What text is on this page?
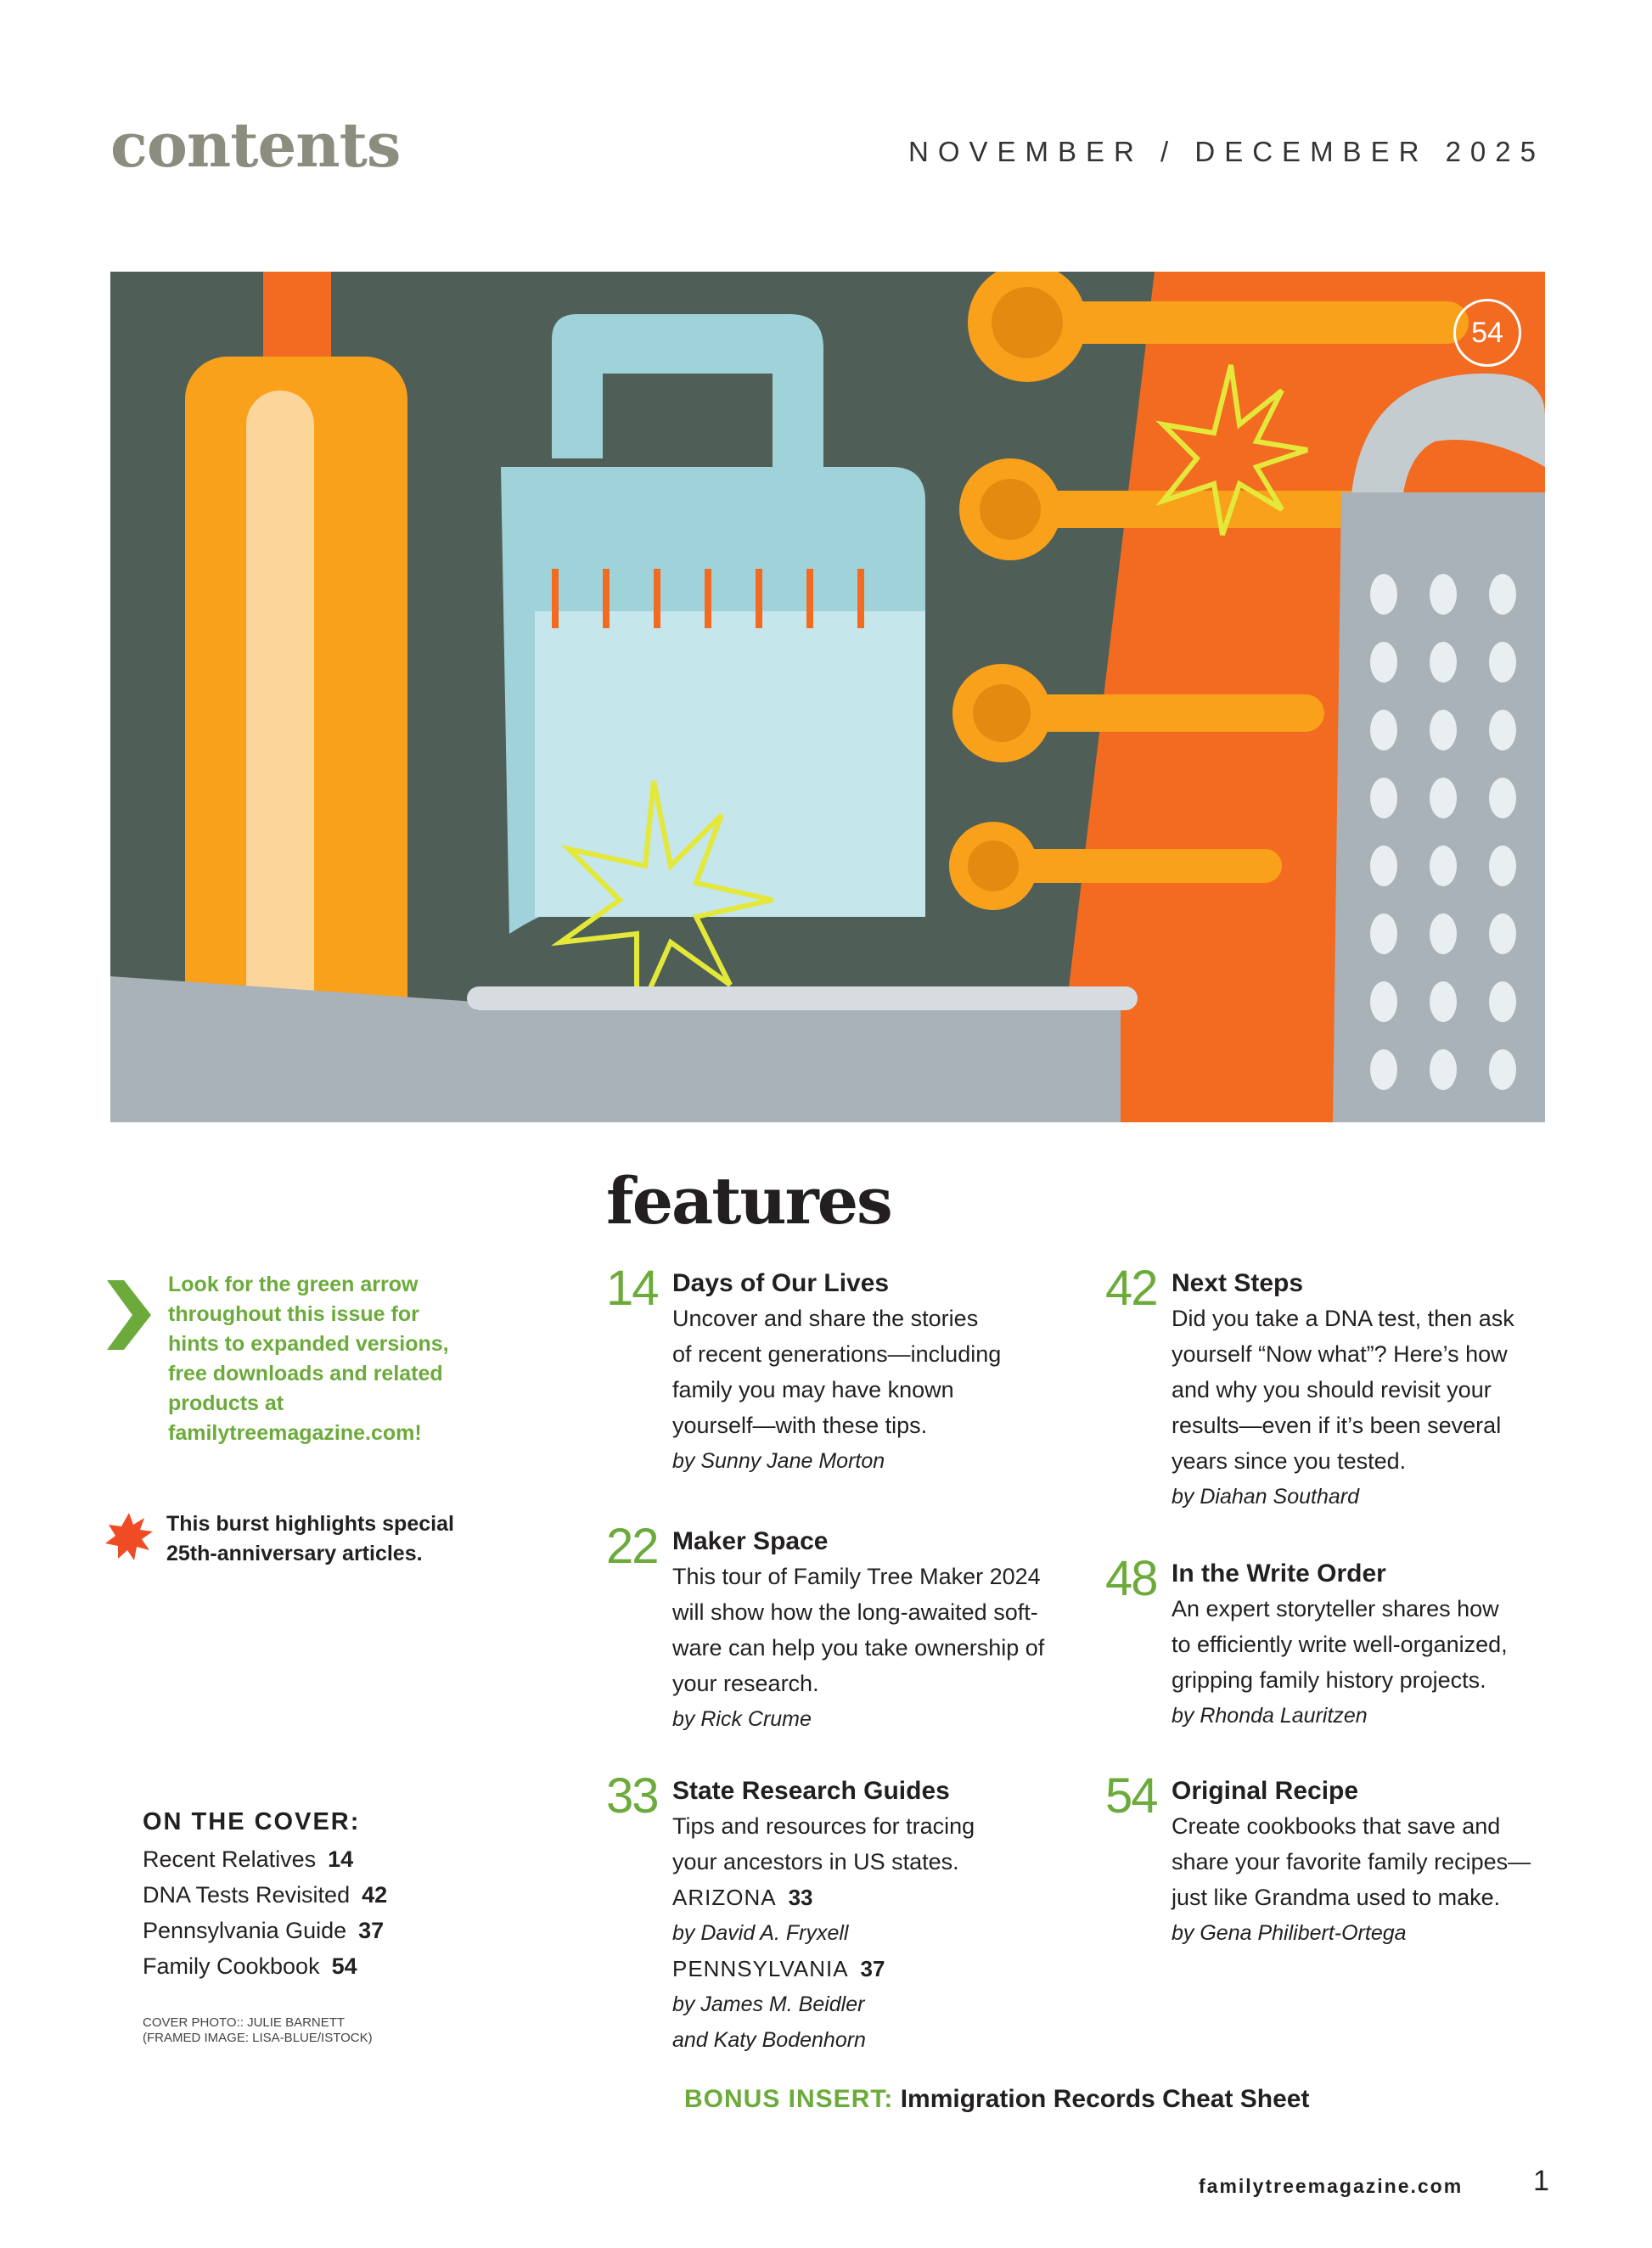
contents	NOVEMBER / DECEMBER 2025
54
features
Look for the green arrow throughout this issue for hints to expanded versions, free downloads and related products at familytreemagazine.com!
This burst highlights special 25th-anniversary articles.
14 Days of Our Lives
Uncover and share the stories
of recent generations—including
family you may have known
yourself—with these tips.
by Sunny Jane Morton
22 Maker Space
This tour of Family Tree Maker 2024
will show how the long-awaited soft-
ware can help you take ownership of
your research.
by Rick Crume
33 State Research Guides
Tips and resources for tracing
your ancestors in US states.
ARIZONA 33
by David A. Fryxell
PENNSYLVANIA 37
by James M. Beidler
and Katy Bodenhorn
42 Next Steps
Did you take a DNA test, then ask
yourself “Now what”? Here’s how
and why you should revisit your
results—even if it’s been several
years since you tested.
by Diahan Southard
48 In the Write Order
An expert storyteller shares how
to efficiently write well-organized,
gripping family history projects.
by Rhonda Lauritzen
54 Original Recipe
Create cookbooks that save and
share your favorite family recipes—
just like Grandma used to make.
by Gena Philibert-Ortega
ON THE COVER:
Recent Relatives 14
DNA Tests Revisited 42
Pennsylvania Guide 37
Family Cookbook 54
COVER PHOTO:: JULIE BARNETT
(FRAMED IMAGE: LISA-BLUE/ISTOCK)
BONUS INSERT: Immigration Records Cheat Sheet
familytreemagazine.com 1
